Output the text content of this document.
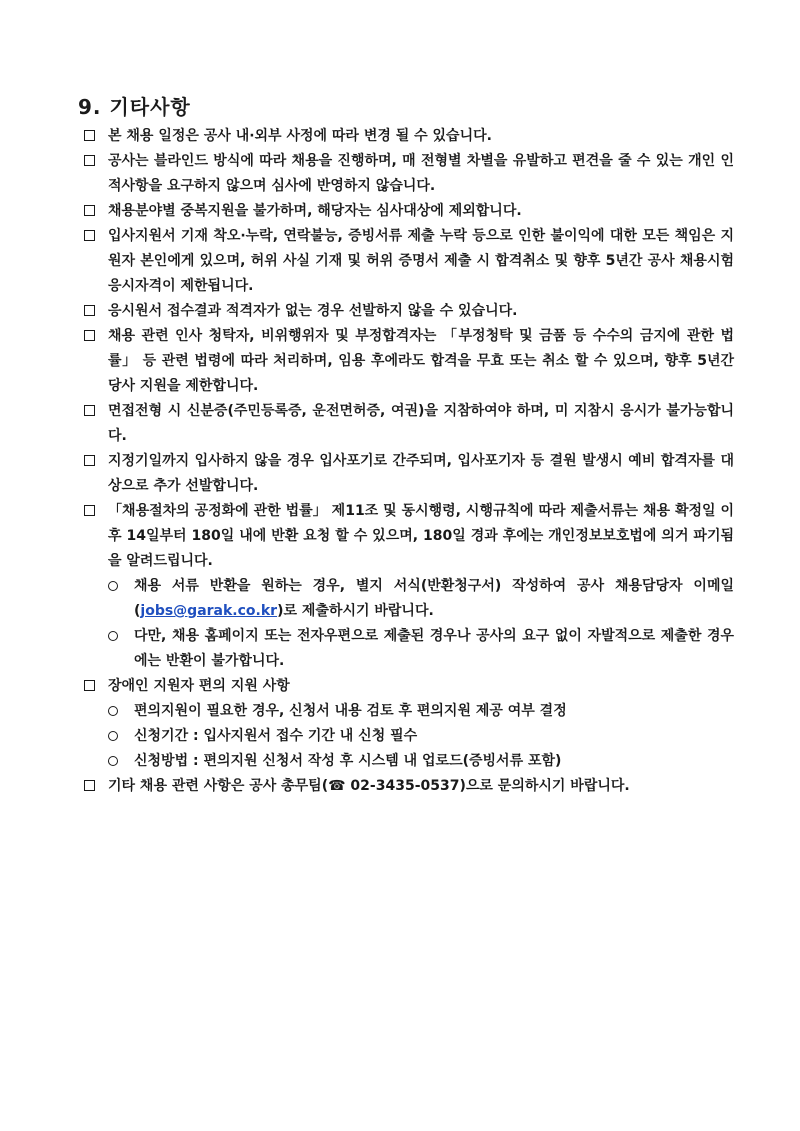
9. 기타사항

본 채용 일정은 공사 내·외부 사정에 따라 변경 될 수 있습니다.

공사는 블라인드 방식에 따라 채용을 진행하며, 매 전형별 차별을 유발하고 편견을 줄 수 있는 개인 인적사항을 요구하지 않으며 심사에 반영하지 않습니다.

채용분야별 중복지원을 불가하며, 해당자는 심사대상에 제외합니다.

입사지원서 기재 착오·누락, 연락불능, 증빙서류 제출 누락 등으로 인한 불이익에 대한 모든 책임은 지원자 본인에게 있으며, 허위 사실 기재 및 허위 증명서 제출 시 합격취소 및 향후 5년간 공사 채용시험 응시자격이 제한됩니다.

응시원서 접수결과 적격자가 없는 경우 선발하지 않을 수 있습니다.

채용 관련 인사 청탁자, 비위행위자 및 부정합격자는 「부정청탁 및 금품 등 수수의 금지에 관한 법률」 등 관련 법령에 따라 처리하며, 임용 후에라도 합격을 무효 또는 취소 할 수 있으며, 향후 5년간 당사 지원을 제한합니다.

면접전형 시 신분증(주민등록증, 운전면허증, 여권)을 지참하여야 하며, 미 지참시 응시가 불가능합니다.

지정기일까지 입사하지 않을 경우 입사포기로 간주되며, 입사포기자 등 결원 발생시 예비 합격자를 대상으로 추가 선발합니다.

「채용절차의 공정화에 관한 법률」 제11조 및 동시행령, 시행규칙에 따라 제출서류는 채용 확정일 이후 14일부터 180일 내에 반환 요청 할 수 있으며, 180일 경과 후에는 개인정보보호법에 의거 파기됨을 알려드립니다.

채용 서류 반환을 원하는 경우, 별지 서식(반환청구서) 작성하여 공사 채용담당자 이메일(jobs@garak.co.kr)로 제출하시기 바랍니다.

다만, 채용 홈페이지 또는 전자우편으로 제출된 경우나 공사의 요구 없이 자발적으로 제출한 경우에는 반환이 불가합니다.

장애인 지원자 편의 지원 사항

편의지원이 필요한 경우, 신청서 내용 검토 후 편의지원 제공 여부 결정

신청기간 : 입사지원서 접수 기간 내 신청 필수

신청방법 : 편의지원 신청서 작성 후 시스템 내 업로드(증빙서류 포함)

기타 채용 관련 사항은 공사 총무팀(☎ 02-3435-0537)으로 문의하시기 바랍니다.
